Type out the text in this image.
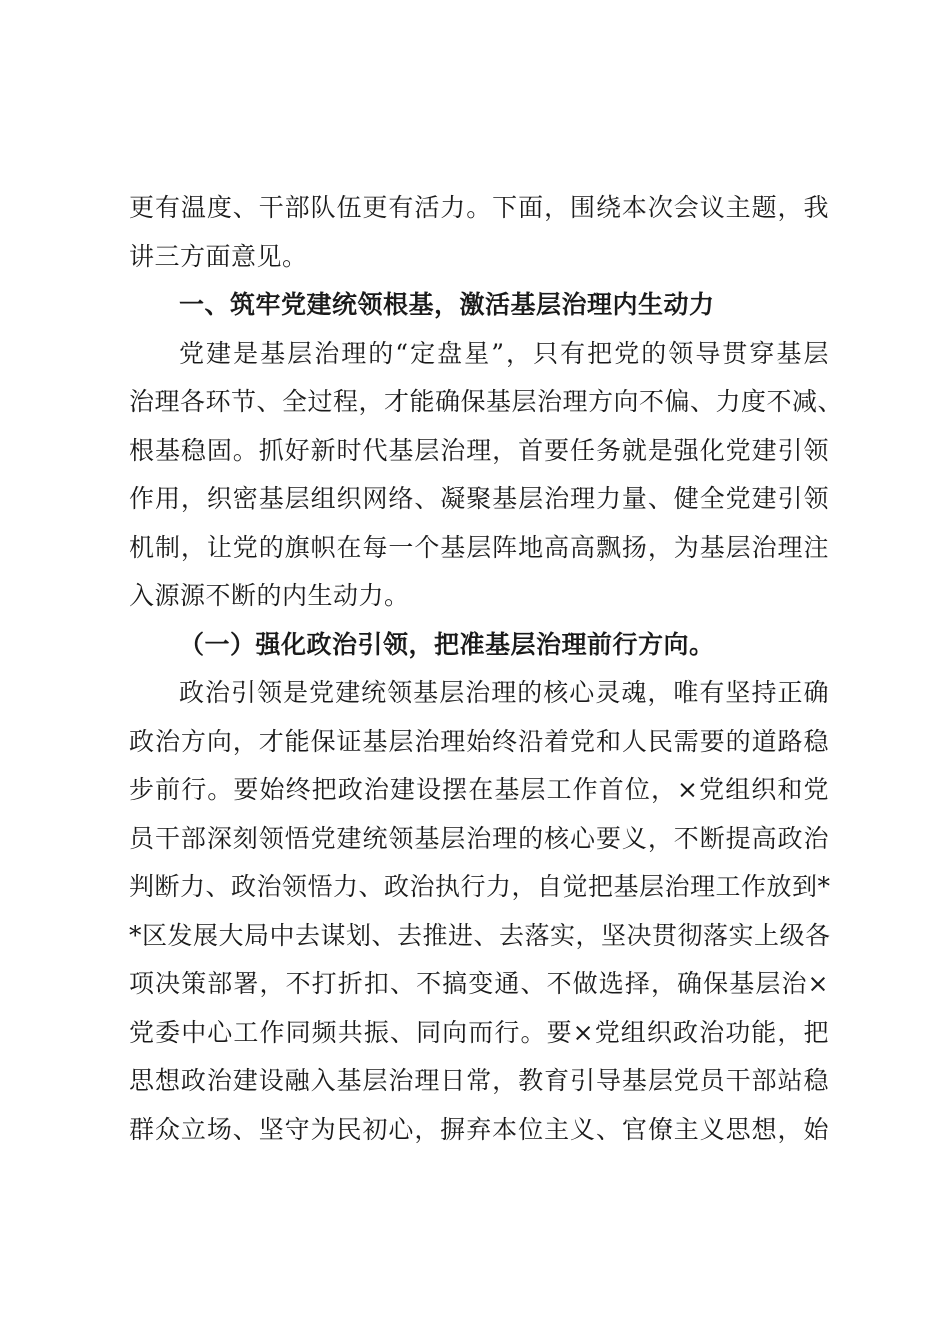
更有温度、干部队伍更有活力。下面，围绕本次会议主题，我
讲三方面意见。
一、筑牢党建统领根基，激活基层治理内生动力
党建是基层治理的“定盘星”，只有把党的领导贯穿基层
治理各环节、全过程，才能确保基层治理方向不偏、力度不减、
根基稳固。抓好新时代基层治理，首要任务就是强化党建引领
作用，织密基层组织网络、凝聚基层治理力量、健全党建引领
机制，让党的旗帜在每一个基层阵地高高飘扬，为基层治理注
入源源不断的内生动力。
（一）强化政治引领，把准基层治理前行方向。
政治引领是党建统领基层治理的核心灵魂，唯有坚持正确
政治方向，才能保证基层治理始终沿着党和人民需要的道路稳
步前行。要始终把政治建设摆在基层工作首位，×党组织和党
员干部深刻领悟党建统领基层治理的核心要义，不断提高政治
判断力、政治领悟力、政治执行力，自觉把基层治理工作放到*
*区发展大局中去谋划、去推进、去落实，坚决贯彻落实上级各
项决策部署，不打折扣、不搞变通、不做选择，确保基层治×
党委中心工作同频共振、同向而行。要×党组织政治功能，把
思想政治建设融入基层治理日常，教育引导基层党员干部站稳
群众立场、坚守为民初心，摒弃本位主义、官僚主义思想，始
